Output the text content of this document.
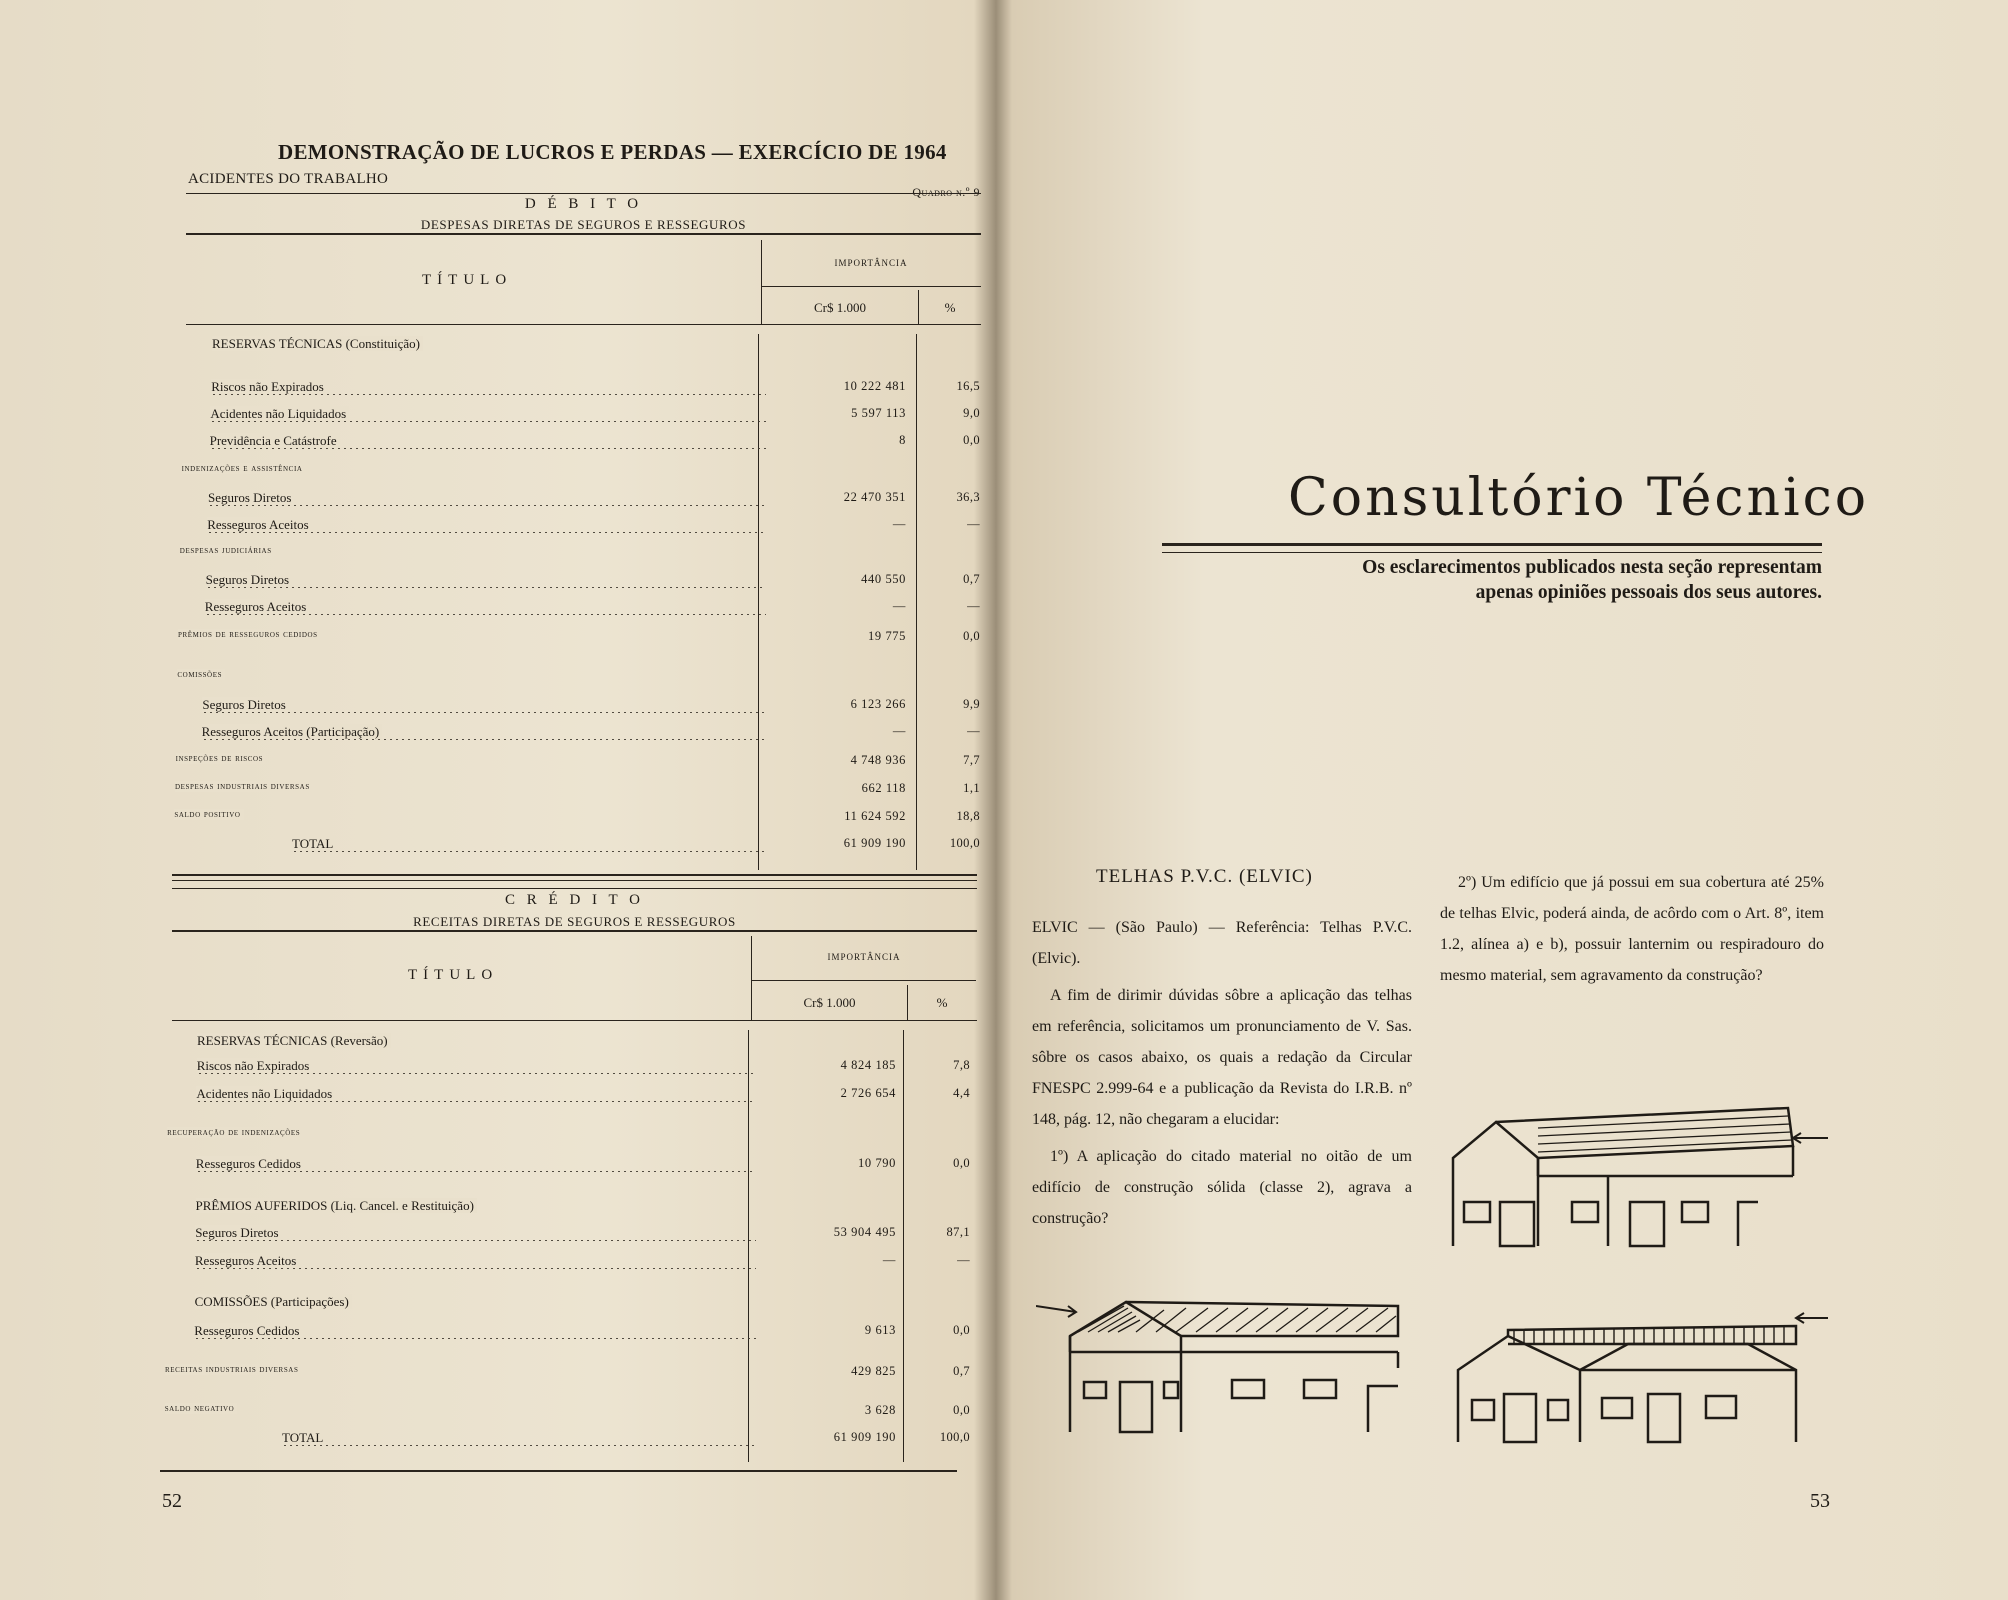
DEMONSTRAÇÃO DE LUCROS E PERDAS — EXERCÍCIO DE 1964
ACIDENTES DO TRABALHO
Quadro n.º 9
D É B I T O
DESPESAS DIRETAS DE SEGUROS E RESSEGUROS
TÍTULO
IMPORTÂNCIA
Cr$ 1.000	%
RESERVAS TÉCNICAS (Constituição)
Riscos não Expirados	10 222 481	16,5
Acidentes não Liquidados	5 597 113	9,0
Previdência e Catástrofe	8	0,0
indenizações e assistência
Seguros Diretos	22 470 351	36,3
Resseguros Aceitos	—	—
despesas judiciárias
Seguros Diretos	440 550	0,7
Resseguros Aceitos	—	—
prêmios de resseguros cedidos	19 775	0,0
comissões
Seguros Diretos	6 123 266	9,9
Resseguros Aceitos (Participação)	—	—
inspeções de riscos	4 748 936	7,7
despesas industriais diversas	662 118	1,1
saldo positivo	11 624 592	18,8
TOTAL	61 909 190	100,0
C R É D I T O
RECEITAS DIRETAS DE SEGUROS E RESSEGUROS
TÍTULO
IMPORTÂNCIA
Cr$ 1.000	%
RESERVAS TÉCNICAS (Reversão)
Riscos não Expirados	4 824 185	7,8
Acidentes não Liquidados	2 726 654	4,4
recuperação de indenizações
Resseguros Cedidos	10 790	0,0
PRÊMIOS AUFERIDOS (Liq. Cancel. e Restituição)
Seguros Diretos	53 904 495	87,1
Resseguros Aceitos	—	—
COMISSÕES (Participações)
Resseguros Cedidos	9 613	0,0
receitas industriais diversas	429 825	0,7
saldo negativo	3 628	0,0
TOTAL	61 909 190	100,0
52
Consultório Técnico
Os esclarecimentos publicados nesta seção representam apenas opiniões pessoais dos seus autores.
TELHAS P.V.C. (ELVIC)

ELVIC — (São Paulo) — Referência: Telhas P.V.C. (Elvic).

A fim de dirimir dúvidas sôbre a aplicação das telhas em referência, solicitamos um pronunciamento de V. Sas. sôbre os casos abaixo, os quais a redação da Circular FNESPC 2.999-64 e a publicação da Revista do I.R.B. nº 148, pág. 12, não chegaram a elucidar:

1º) A aplicação do citado material no oitão de um edifício de construção sólida (classe 2), agrava a construção?

2º) Um edifício que já possui em sua cobertura até 25% de telhas Elvic, poderá ainda, de acôrdo com o Art. 8º, item 1.2, alínea a) e b), possuir lanternim ou respiradouro do mesmo material, sem agravamento da construção?

53
